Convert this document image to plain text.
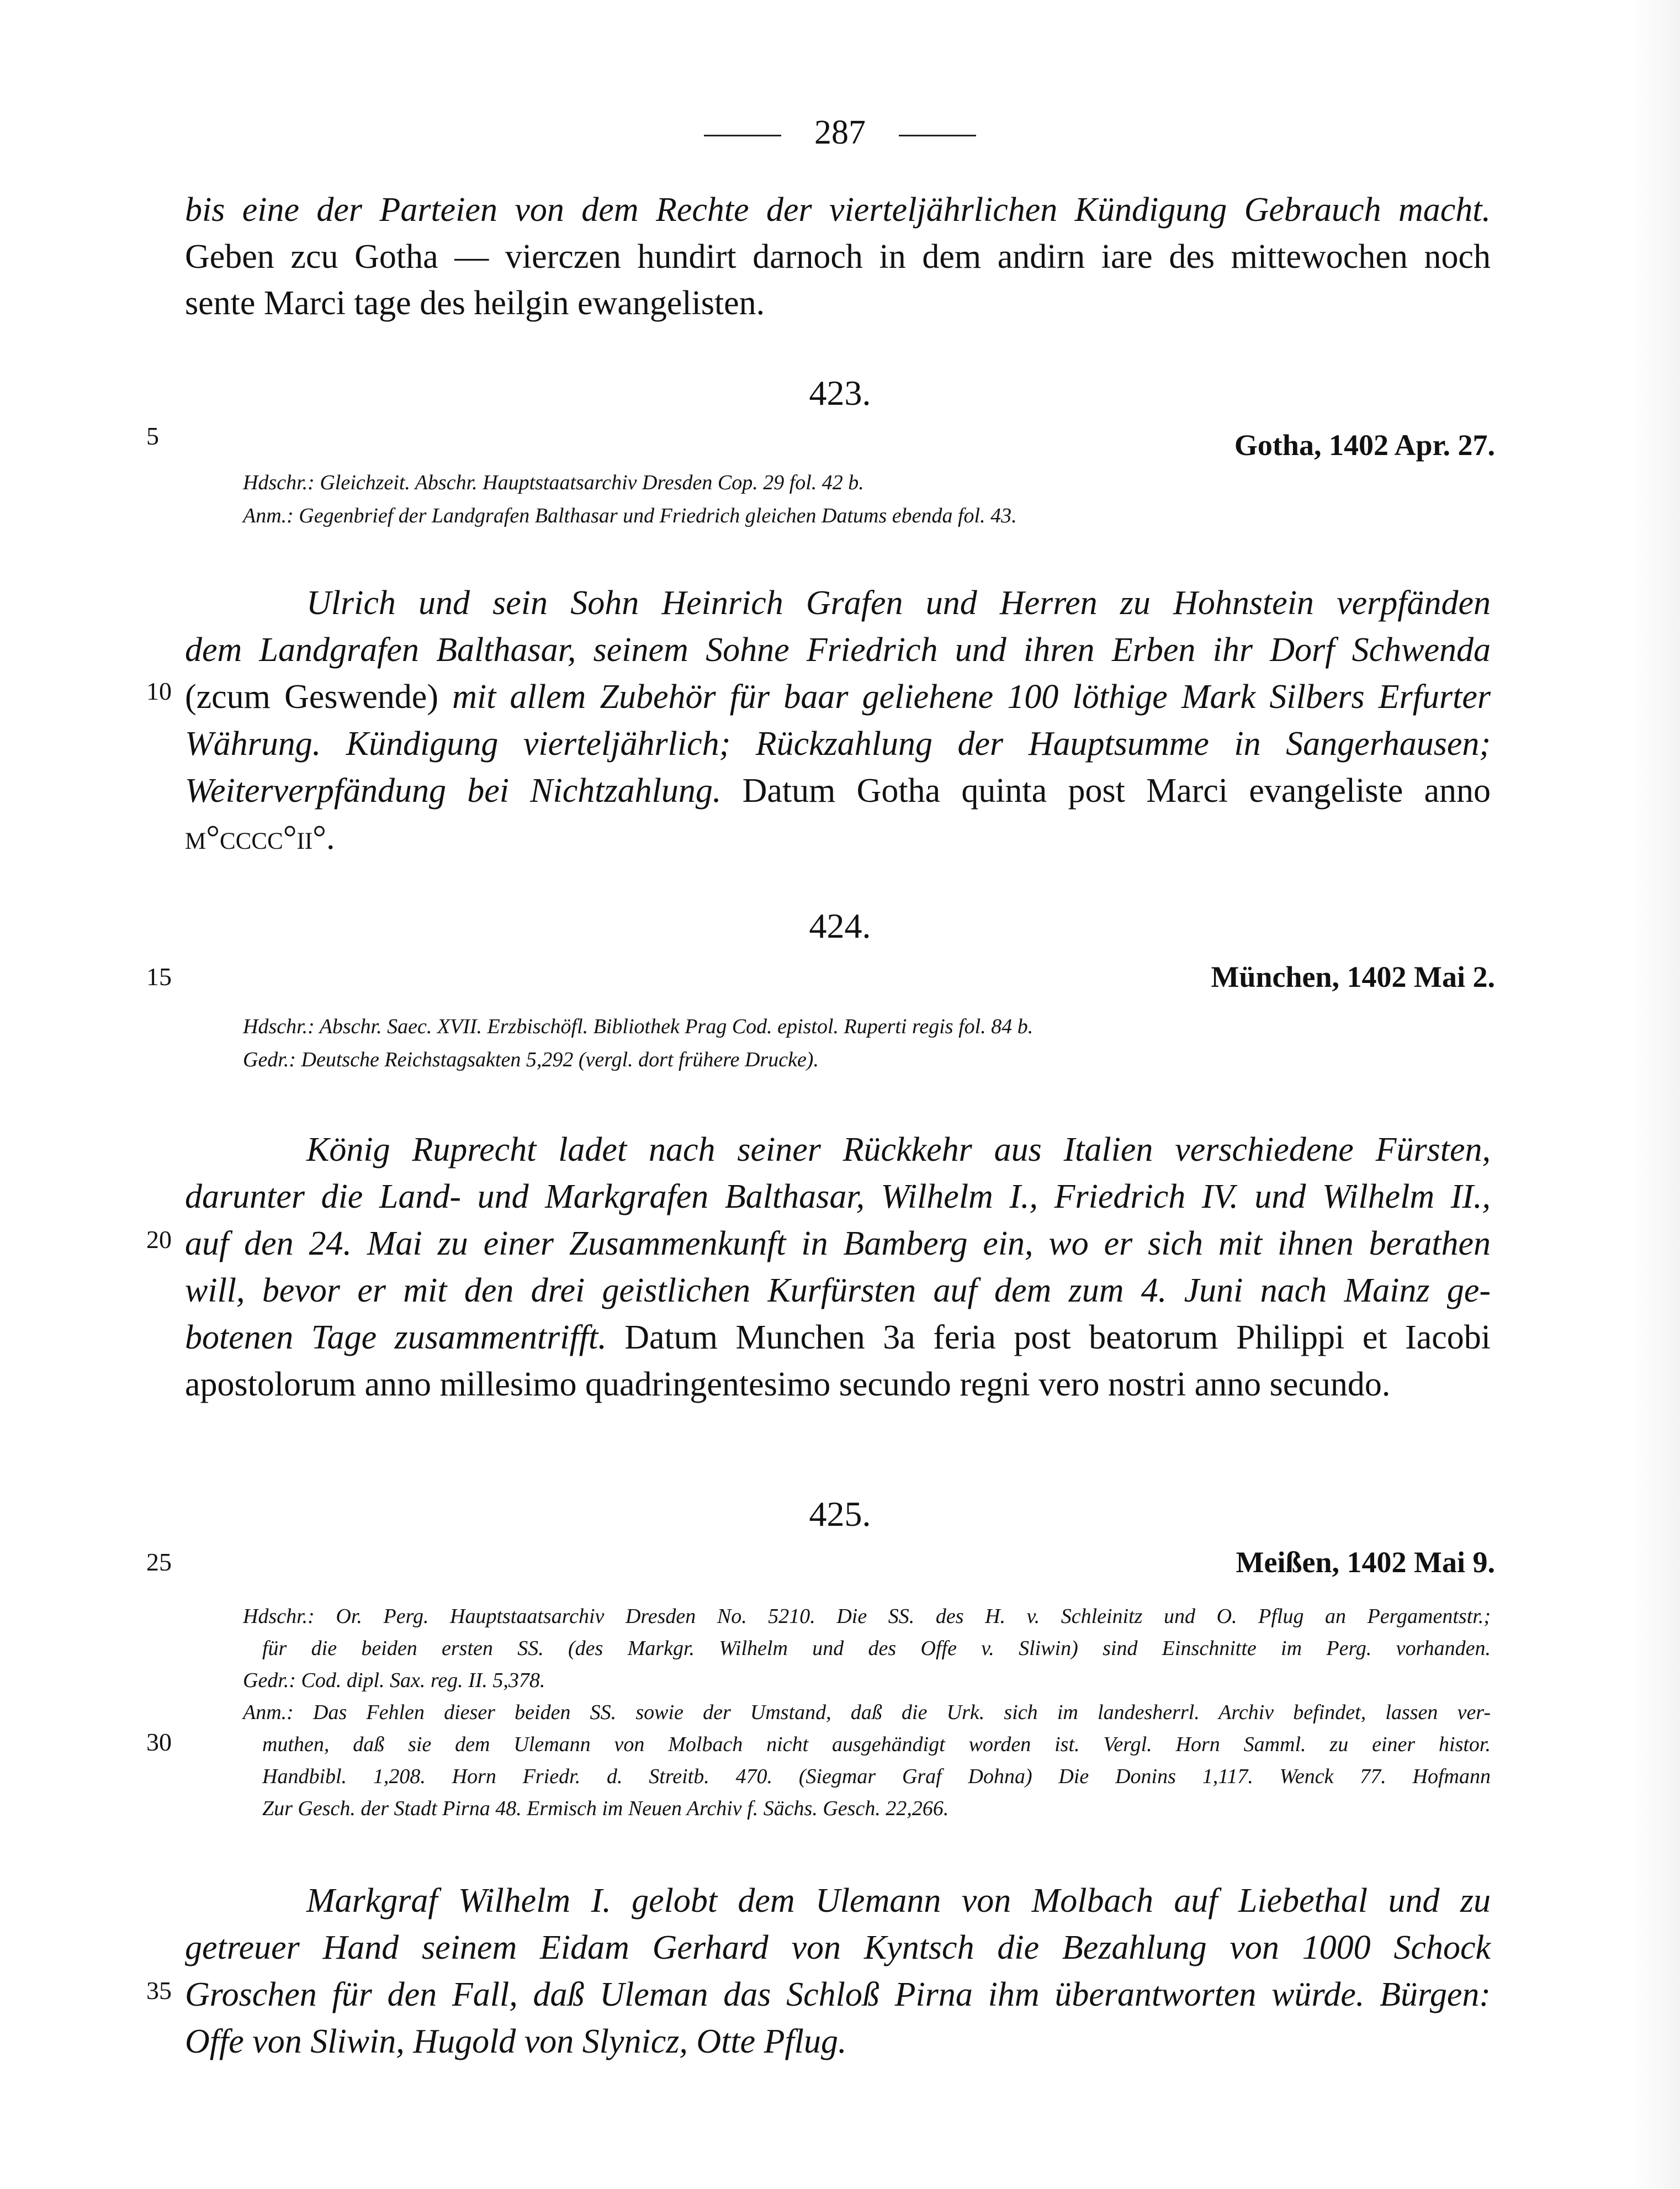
287
bis eine der Parteien von dem Rechte der vierteljährlichen Kündigung Gebrauch macht.
Geben zcu Gotha — vierczen hundirt darnoch in dem andirn iare des mittewochen noch
sente Marci tage des heilgin ewangelisten.
423.
5	Gotha, 1402 Apr. 27.
Hdschr.: Gleichzeit. Abschr. Hauptstaatsarchiv Dresden Cop. 29 fol. 42 b.
Anm.: Gegenbrief der Landgrafen Balthasar und Friedrich gleichen Datums ebenda fol. 43.
Ulrich und sein Sohn Heinrich Grafen und Herren zu Hohnstein verpfänden
dem Landgrafen Balthasar, seinem Sohne Friedrich und ihren Erben ihr Dorf Schwenda
10 (zcum Geswende) mit allem Zubehör für baar geliehene 100 löthige Mark Silbers Erfurter
Währung. Kündigung vierteljährlich; Rückzahlung der Hauptsumme in Sangerhausen;
Weiterverpfändung bei Nichtzahlung. Datum Gotha quinta post Marci evangeliste anno
m°cccc°ii°.
424.
15	München, 1402 Mai 2.
Hdschr.: Abschr. Saec. XVII. Erzbischöfl. Bibliothek Prag Cod. epistol. Ruperti regis fol. 84 b.
Gedr.: Deutsche Reichstagsakten 5,292 (vergl. dort frühere Drucke).
König Ruprecht ladet nach seiner Rückkehr aus Italien verschiedene Fürsten,
darunter die Land- und Markgrafen Balthasar, Wilhelm I., Friedrich IV. und Wilhelm II.,
20 auf den 24. Mai zu einer Zusammenkunft in Bamberg ein, wo er sich mit ihnen berathen
will, bevor er mit den drei geistlichen Kurfürsten auf dem zum 4. Juni nach Mainz ge-
botenen Tage zusammentrifft. Datum Munchen 3a feria post beatorum Philippi et Iacobi
apostolorum anno millesimo quadringentesimo secundo regni vero nostri anno secundo.
425.
25	Meißen, 1402 Mai 9.
Hdschr.: Or. Perg. Hauptstaatsarchiv Dresden No. 5210. Die SS. des H. v. Schleinitz und O. Pflug an Pergamentstr.;
für die beiden ersten SS. (des Markgr. Wilhelm und des Offe v. Sliwin) sind Einschnitte im Perg. vorhanden.
Gedr.: Cod. dipl. Sax. reg. II. 5,378.
Anm.: Das Fehlen dieser beiden SS. sowie der Umstand, daß die Urk. sich im landesherrl. Archiv befindet, lassen ver-
30	muthen, daß sie dem Ulemann von Molbach nicht ausgehändigt worden ist. Vergl. Horn Samml. zu einer histor.
Handbibl. 1,208. Horn Friedr. d. Streitb. 470. (Siegmar Graf Dohna) Die Donins 1,117. Wenck 77. Hofmann
Zur Gesch. der Stadt Pirna 48. Ermisch im Neuen Archiv f. Sächs. Gesch. 22,266.
Markgraf Wilhelm I. gelobt dem Ulemann von Molbach auf Liebethal und zu
getreuer Hand seinem Eidam Gerhard von Kyntsch die Bezahlung von 1000 Schock
35 Groschen für den Fall, daß Uleman das Schloß Pirna ihm überantworten würde. Bürgen:
Offe von Sliwin, Hugold von Slynicz, Otte Pflug.
